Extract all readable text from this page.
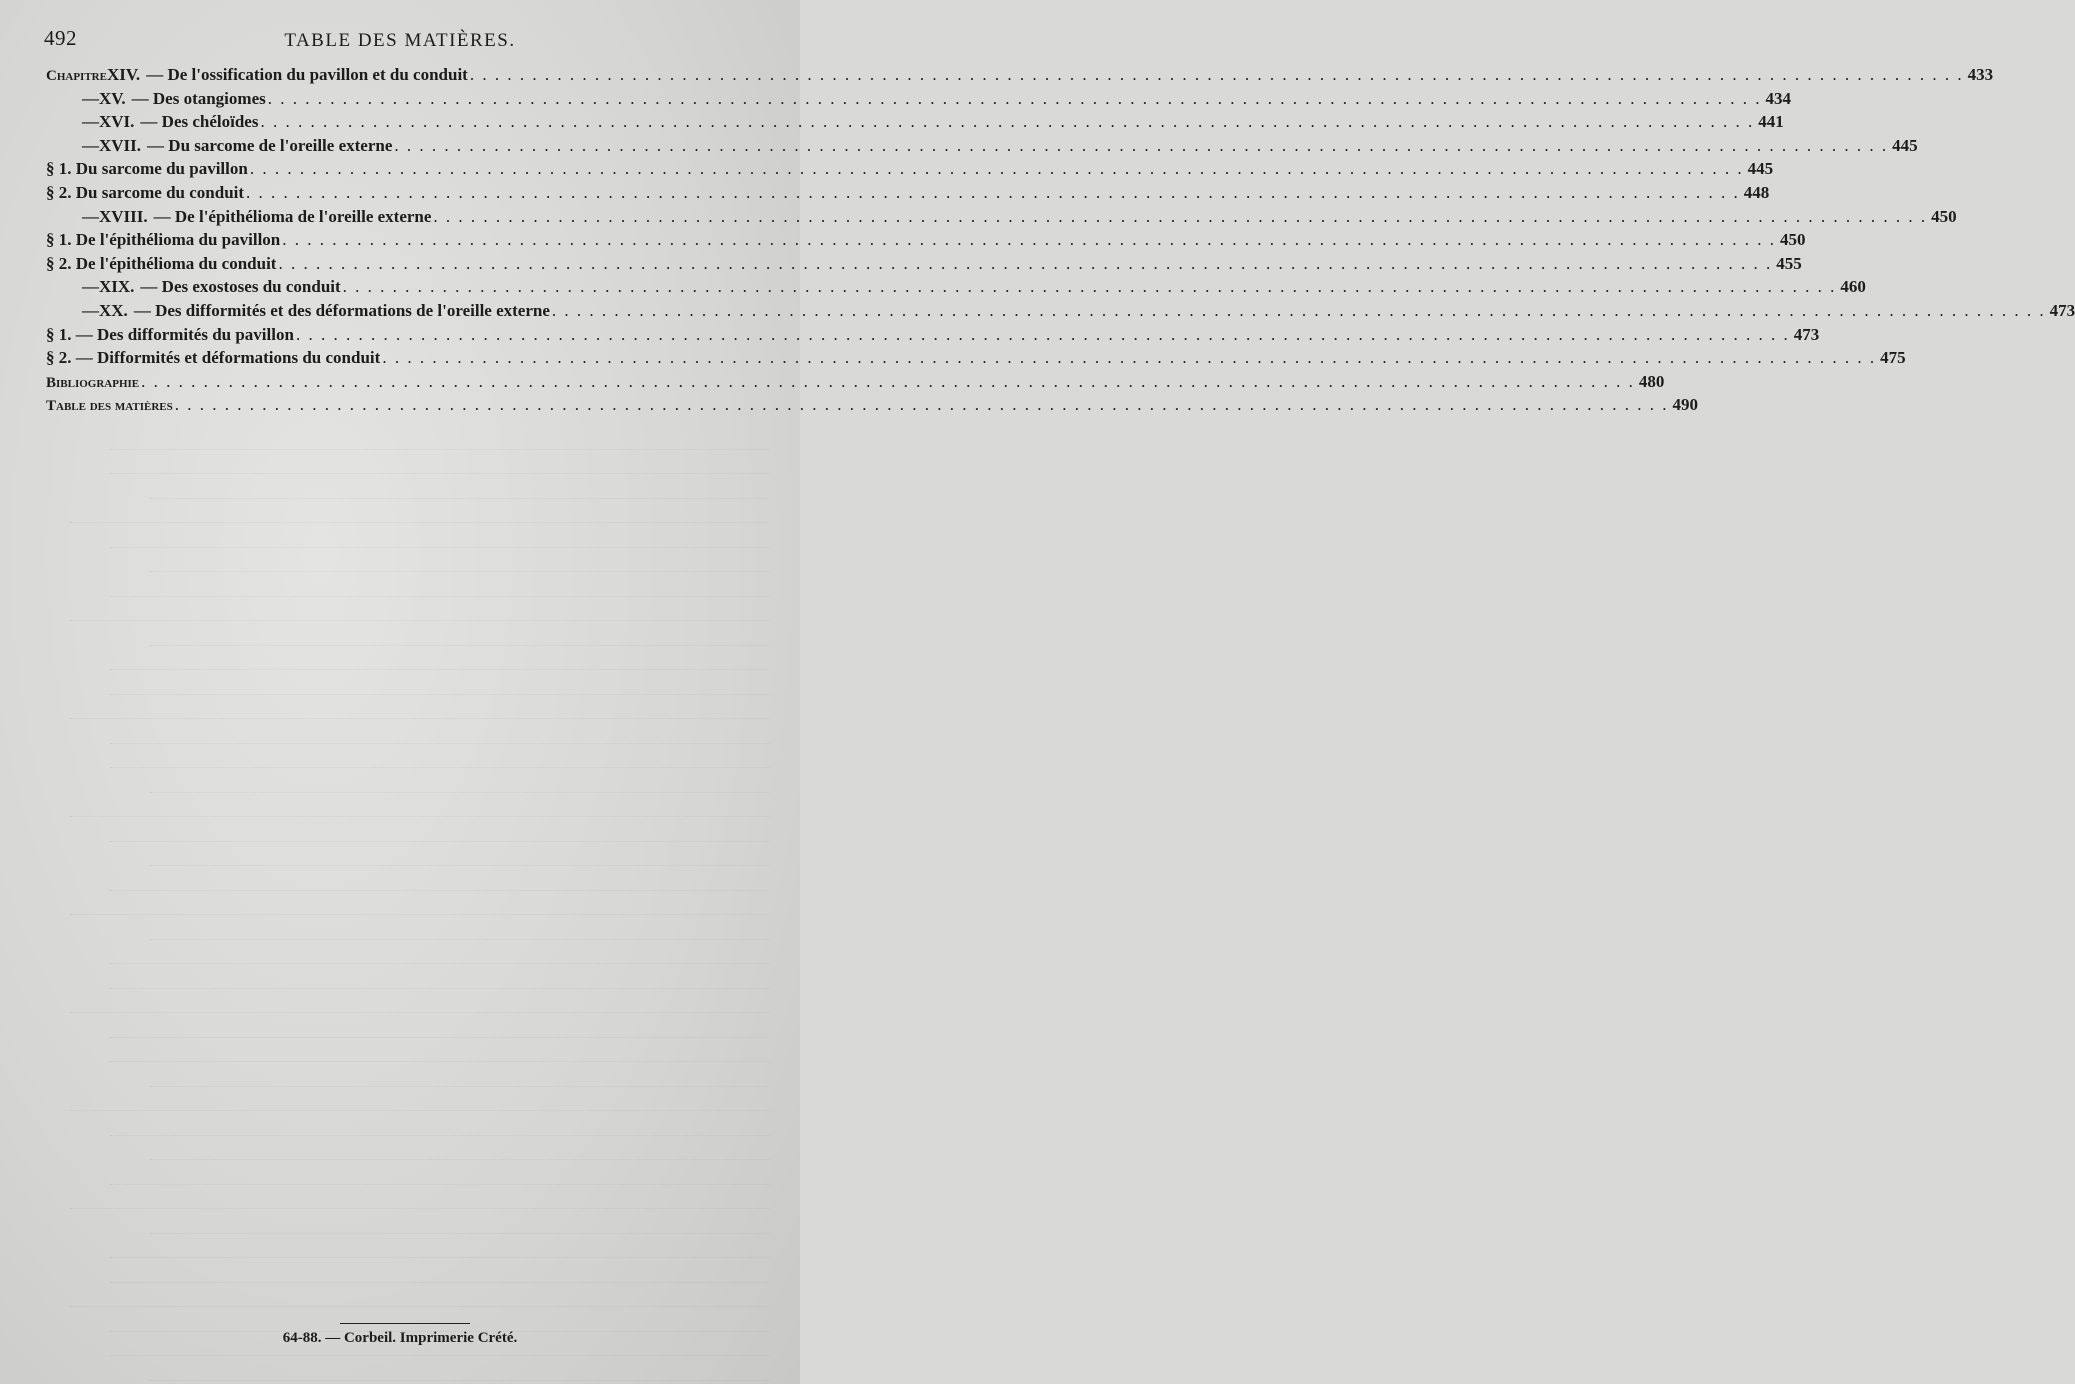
492	TABLE DES MATIÈRES.
Chapitre XIV. — De l'ossification du pavillon et du conduit . . . . . . . . . . . . . . . . . . . . . . . . . . . . . . . . . . . . . . . . . . . . . . . . . . . . . . . . . . . . . . . . . . . . . . . . . . . . . . . . . . . . . . . . . . . . . . . . . . . . . . . . . . . . . . . . . . . . . . . . 433
— XV. — Des otangiomes . . . . . . . . . . . . . . . . . . . . . . . . . . . . . . . . . . . . . . . . . . . . . . . . . . . . . . . . . . . . . . . . . . . . . . . . . . . . . . . . . . . . . . . . . . . . . . . . . . . . . . . . . . . . . . . . . . . . . . . . 434
— XVI. — Des chéloïdes . . . . . . . . . . . . . . . . . . . . . . . . . . . . . . . . . . . . . . . . . . . . . . . . . . . . . . . . . . . . . . . . . . . . . . . . . . . . . . . . . . . . . . . . . . . . . . . . . . . . . . . . . . . . . . . . . . . . . . . . 441
— XVII. — Du sarcome de l'oreille externe . . . . . . . . . . . . . . . . . . . . . . . . . . . . . . . . . . . . . . . . . . . . . . . . . . . . . . . . . . . . . . . . . . . . . . . . . . . . . . . . . . . . . . . . . . . . . . . . . . . . . . . . . . . . . . . . . . . . . . . . 445
§ 1. Du sarcome du pavillon . . . . . . . . . . . . . . . . . . . . . . . . . . . . . . . . . . . . . . . . . . . . . . . . . . . . . . . . . . . . . . . . . . . . . . . . . . . . . . . . . . . . . . . . . . . . . . . . . . . . . . . . . . . . . . . . . . . . . . . . 445
§ 2. Du sarcome du conduit . . . . . . . . . . . . . . . . . . . . . . . . . . . . . . . . . . . . . . . . . . . . . . . . . . . . . . . . . . . . . . . . . . . . . . . . . . . . . . . . . . . . . . . . . . . . . . . . . . . . . . . . . . . . . . . . . . . . . . . . 448
— XVIII. — De l'épithélioma de l'oreille externe . . . . . . . . . . . . . . . . . . . . . . . . . . . . . . . . . . . . . . . . . . . . . . . . . . . . . . . . . . . . . . . . . . . . . . . . . . . . . . . . . . . . . . . . . . . . . . . . . . . . . . . . . . . . . . . . . . . . . . . . 450
§ 1. De l'épithélioma du pavillon . . . . . . . . . . . . . . . . . . . . . . . . . . . . . . . . . . . . . . . . . . . . . . . . . . . . . . . . . . . . . . . . . . . . . . . . . . . . . . . . . . . . . . . . . . . . . . . . . . . . . . . . . . . . . . . . . . . . . . . . 450
§ 2. De l'épithélioma du conduit . . . . . . . . . . . . . . . . . . . . . . . . . . . . . . . . . . . . . . . . . . . . . . . . . . . . . . . . . . . . . . . . . . . . . . . . . . . . . . . . . . . . . . . . . . . . . . . . . . . . . . . . . . . . . . . . . . . . . . . . 455
— XIX. — Des exostoses du conduit . . . . . . . . . . . . . . . . . . . . . . . . . . . . . . . . . . . . . . . . . . . . . . . . . . . . . . . . . . . . . . . . . . . . . . . . . . . . . . . . . . . . . . . . . . . . . . . . . . . . . . . . . . . . . . . . . . . . . . . . 460
— XX. — Des difformités et des déformations de l'oreille externe . . . . . . . . . . . . . . . . . . . . . . . . . . . . . . . . . . . . . . . . . . . . . . . . . . . . . . . . . . . . . . . . . . . . . . . . . . . . . . . . . . . . . . . . . . . . . . . . . . . . . . . . . . . . . . . . . . . . . . . . 473
§ 1. — Des difformités du pavillon . . . . . . . . . . . . . . . . . . . . . . . . . . . . . . . . . . . . . . . . . . . . . . . . . . . . . . . . . . . . . . . . . . . . . . . . . . . . . . . . . . . . . . . . . . . . . . . . . . . . . . . . . . . . . . . . . . . . . . . . 473
§ 2. — Difformités et déformations du conduit . . . . . . . . . . . . . . . . . . . . . . . . . . . . . . . . . . . . . . . . . . . . . . . . . . . . . . . . . . . . . . . . . . . . . . . . . . . . . . . . . . . . . . . . . . . . . . . . . . . . . . . . . . . . . . . . . . . . . . . . 475
Bibliographie . . . . . . . . . . . . . . . . . . . . . . . . . . . . . . . . . . . . . . . . . . . . . . . . . . . . . . . . . . . . . . . . . . . . . . . . . . . . . . . . . . . . . . . . . . . . . . . . . . . . . . . . . . . . . . . . . . . . . . . . 480
Table des matières . . . . . . . . . . . . . . . . . . . . . . . . . . . . . . . . . . . . . . . . . . . . . . . . . . . . . . . . . . . . . . . . . . . . . . . . . . . . . . . . . . . . . . . . . . . . . . . . . . . . . . . . . . . . . . . . . . . . . . . . 490
64-88. — Corbeil. Imprimerie Crété.
